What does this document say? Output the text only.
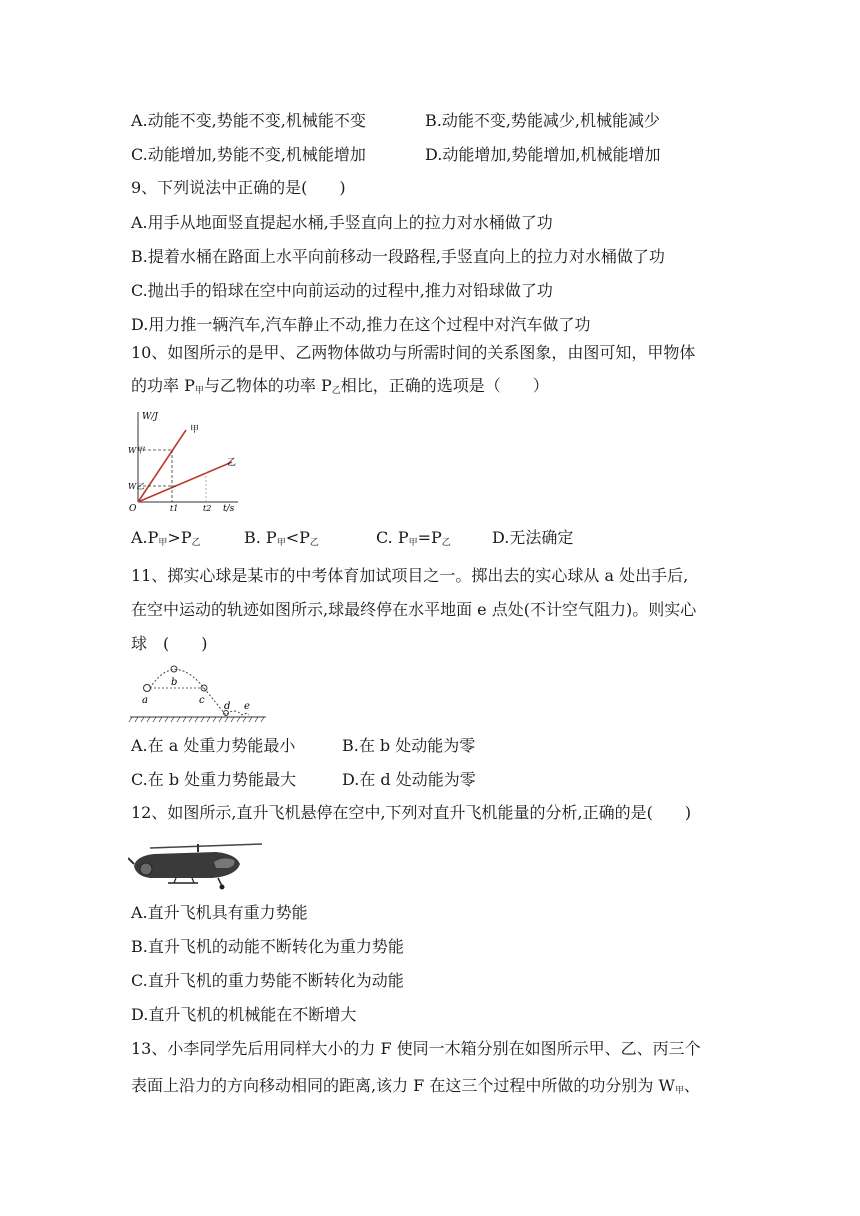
A.动能不变,势能不变,机械能不变	B.动能不变,势能减少,机械能减少
C.动能增加,势能不变,机械能增加	D.动能增加,势能增加,机械能增加
9、下列说法中正确的是(　　)
A.用手从地面竖直提起水桶,手竖直向上的拉力对水桶做了功
B.提着水桶在路面上水平向前移动一段路程,手竖直向上的拉力对水桶做了功
C.抛出手的铅球在空中向前运动的过程中,推力对铅球做了功
D.用力推一辆汽车,汽车静止不动,推力在这个过程中对汽车做了功
10、如图所示的是甲、乙两物体做功与所需时间的关系图象，由图可知，甲物体
的功率 $P_甲$与乙物体的功率 $P_乙$相比，正确的选项是（　　）
W/J
t/s
O
W甲
W乙
t1	t2
甲
乙
$A.P_甲>P_乙$	B. $P_甲<P_乙$	C. $P_甲=P_乙$	D.无法确定
11、掷实心球是某市的中考体育加试项目之一。掷出去的实心球从 a 处出手后,
在空中运动的轨迹如图所示,球最终停在水平地面 e 点处(不计空气阻力)。则实心
球　(　　)
a
b
c
d e
A.在 a 处重力势能最小	B.在 b 处动能为零
C.在 b 处重力势能最大	D.在 d 处动能为零
12、如图所示,直升飞机悬停在空中,下列对直升飞机能量的分析,正确的是(　　)
A.直升飞机具有重力势能
B.直升飞机的动能不断转化为重力势能
C.直升飞机的重力势能不断转化为动能
D.直升飞机的机械能在不断增大
13、小李同学先后用同样大小的力 F 使同一木箱分别在如图所示甲、乙、丙三个
表面上沿力的方向移动相同的距离,该力 F 在这三个过程中所做的功分别为 $W_甲$、
